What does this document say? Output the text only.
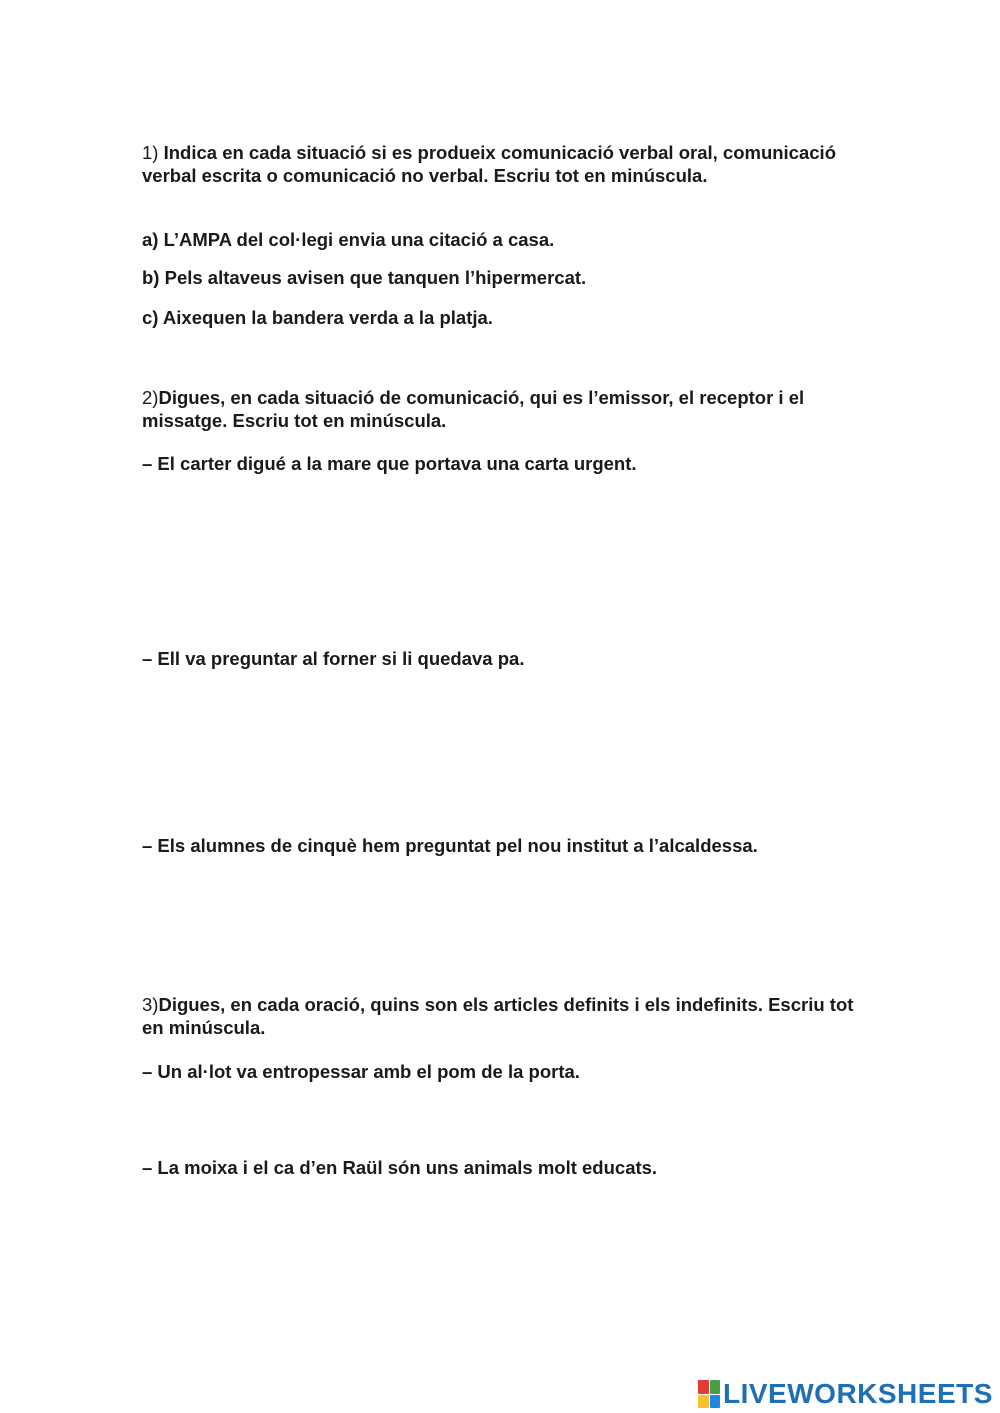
1) Indica en cada situació si es produeix comunicació verbal oral, comunicació verbal escrita o comunicació no verbal. Escriu tot en minúscula.
a) L’AMPA del col·legi envia una citació a casa.
b) Pels altaveus avisen que tanquen l’hipermercat.
c) Aixequen la bandera verda a la platja.
2)Digues, en cada situació de comunicació, qui es l’emissor, el receptor i el missatge. Escriu tot en minúscula.
– El carter digué a la mare que portava una carta urgent.
– Ell va preguntar al forner si li quedava pa.
– Els alumnes de cinquè hem preguntat pel nou institut a l’alcaldessa.
3)Digues, en cada oració, quins son els articles definits i els indefinits. Escriu tot en minúscula.
– Un al·lot va entropessar amb el pom de la porta.
– La moixa i el ca d’en Raül són uns animals molt educats.
LIVEWORKSHEETS
